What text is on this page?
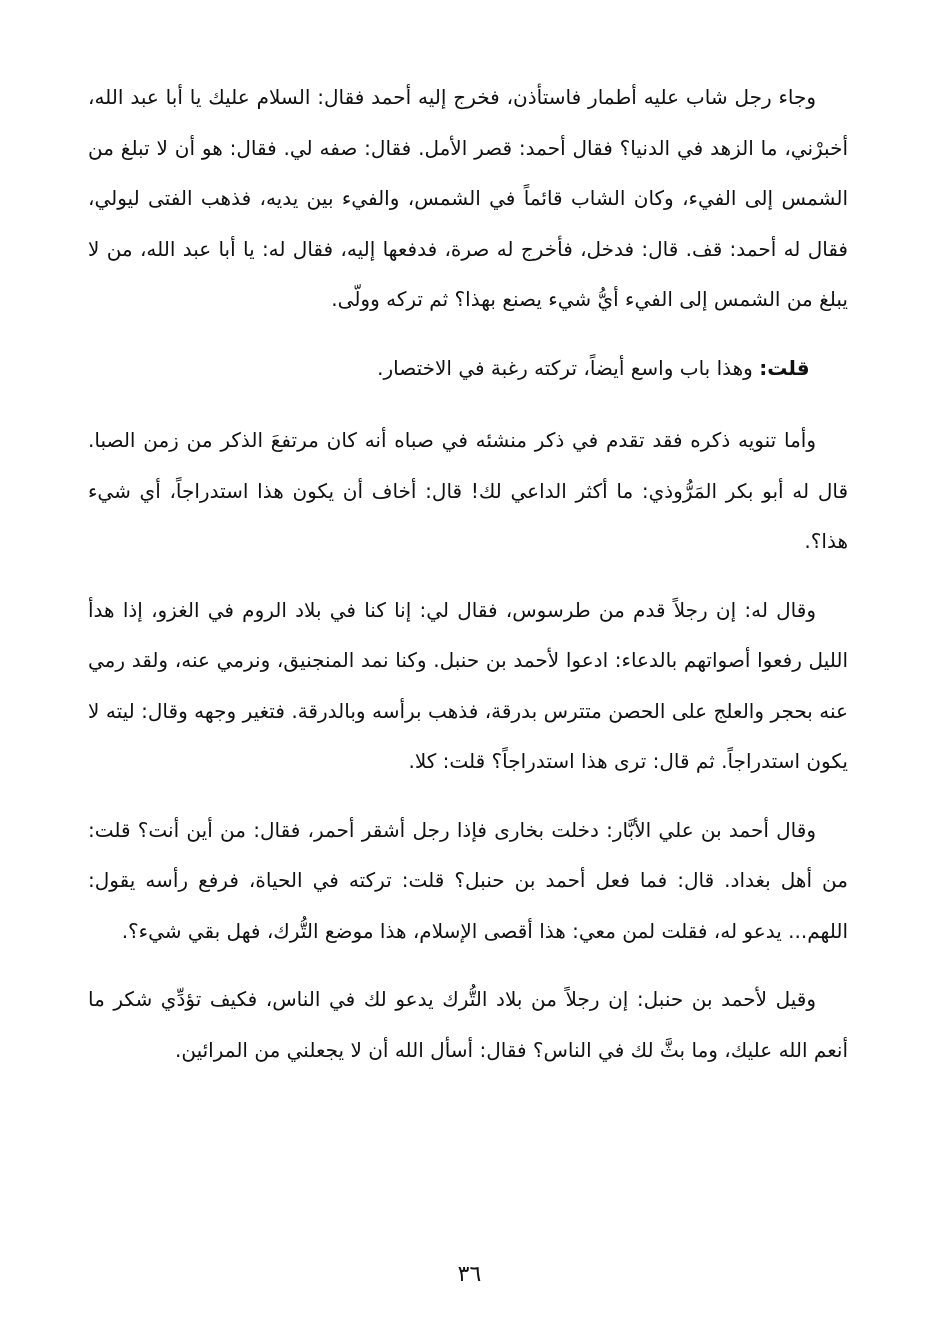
وجاء رجل شاب عليه أطمار فاستأذن، فخرج إليه أحمد فقال: السلام عليك يا أبا عبد الله، أخبرْني، ما الزهد في الدنيا؟ فقال أحمد: قصر الأمل. فقال: صفه لي. فقال: هو أن لا تبلغ من الشمس إلى الفيء، وكان الشاب قائماً في الشمس، والفيء بين يديه، فذهب الفتى ليولي، فقال له أحمد: قف. قال: فدخل، فأخرج له صرة، فدفعها إليه، فقال له: يا أبا عبد الله، من لا يبلغ من الشمس إلى الفيء أيُّ شيء يصنع بهذا؟ ثم تركه وولّى.

قلت: وهذا باب واسع أيضاً، تركته رغبة في الاختصار.

وأما تنويه ذكره فقد تقدم في ذكر منشئه في صباه أنه كان مرتفعَ الذكر من زمن الصبا. قال له أبو بكر المَرُّوذي: ما أكثر الداعي لك! قال: أخاف أن يكون هذا استدراجاً، أي شيء هذا؟.

وقال له: إن رجلاً قدم من طرسوس، فقال لي: إنا كنا في بلاد الروم في الغزو، إذا هدأ الليل رفعوا أصواتهم بالدعاء: ادعوا لأحمد بن حنبل. وكنا نمد المنجنيق، ونرمي عنه، ولقد رمي عنه بحجر والعلج على الحصن متترس بدرقة، فذهب برأسه وبالدرقة. فتغير وجهه وقال: ليته لا يكون استدراجاً. ثم قال: ترى هذا استدراجاً؟ قلت: كلا.

وقال أحمد بن علي الأبَّار: دخلت بخارى فإذا رجل أشقر أحمر، فقال: من أين أنت؟ قلت: من أهل بغداد. قال: فما فعل أحمد بن حنبل؟ قلت: تركته في الحياة، فرفع رأسه يقول: اللهم... يدعو له، فقلت لمن معي: هذا أقصى الإسلام، هذا موضع التُّرك، فهل بقي شيء؟.

وقيل لأحمد بن حنبل: إن رجلاً من بلاد التُّرك يدعو لك في الناس، فكيف تؤدِّي شكر ما أنعم الله عليك، وما بثَّ لك في الناس؟ فقال: أسأل الله أن لا يجعلني من المرائين.

٣٦
